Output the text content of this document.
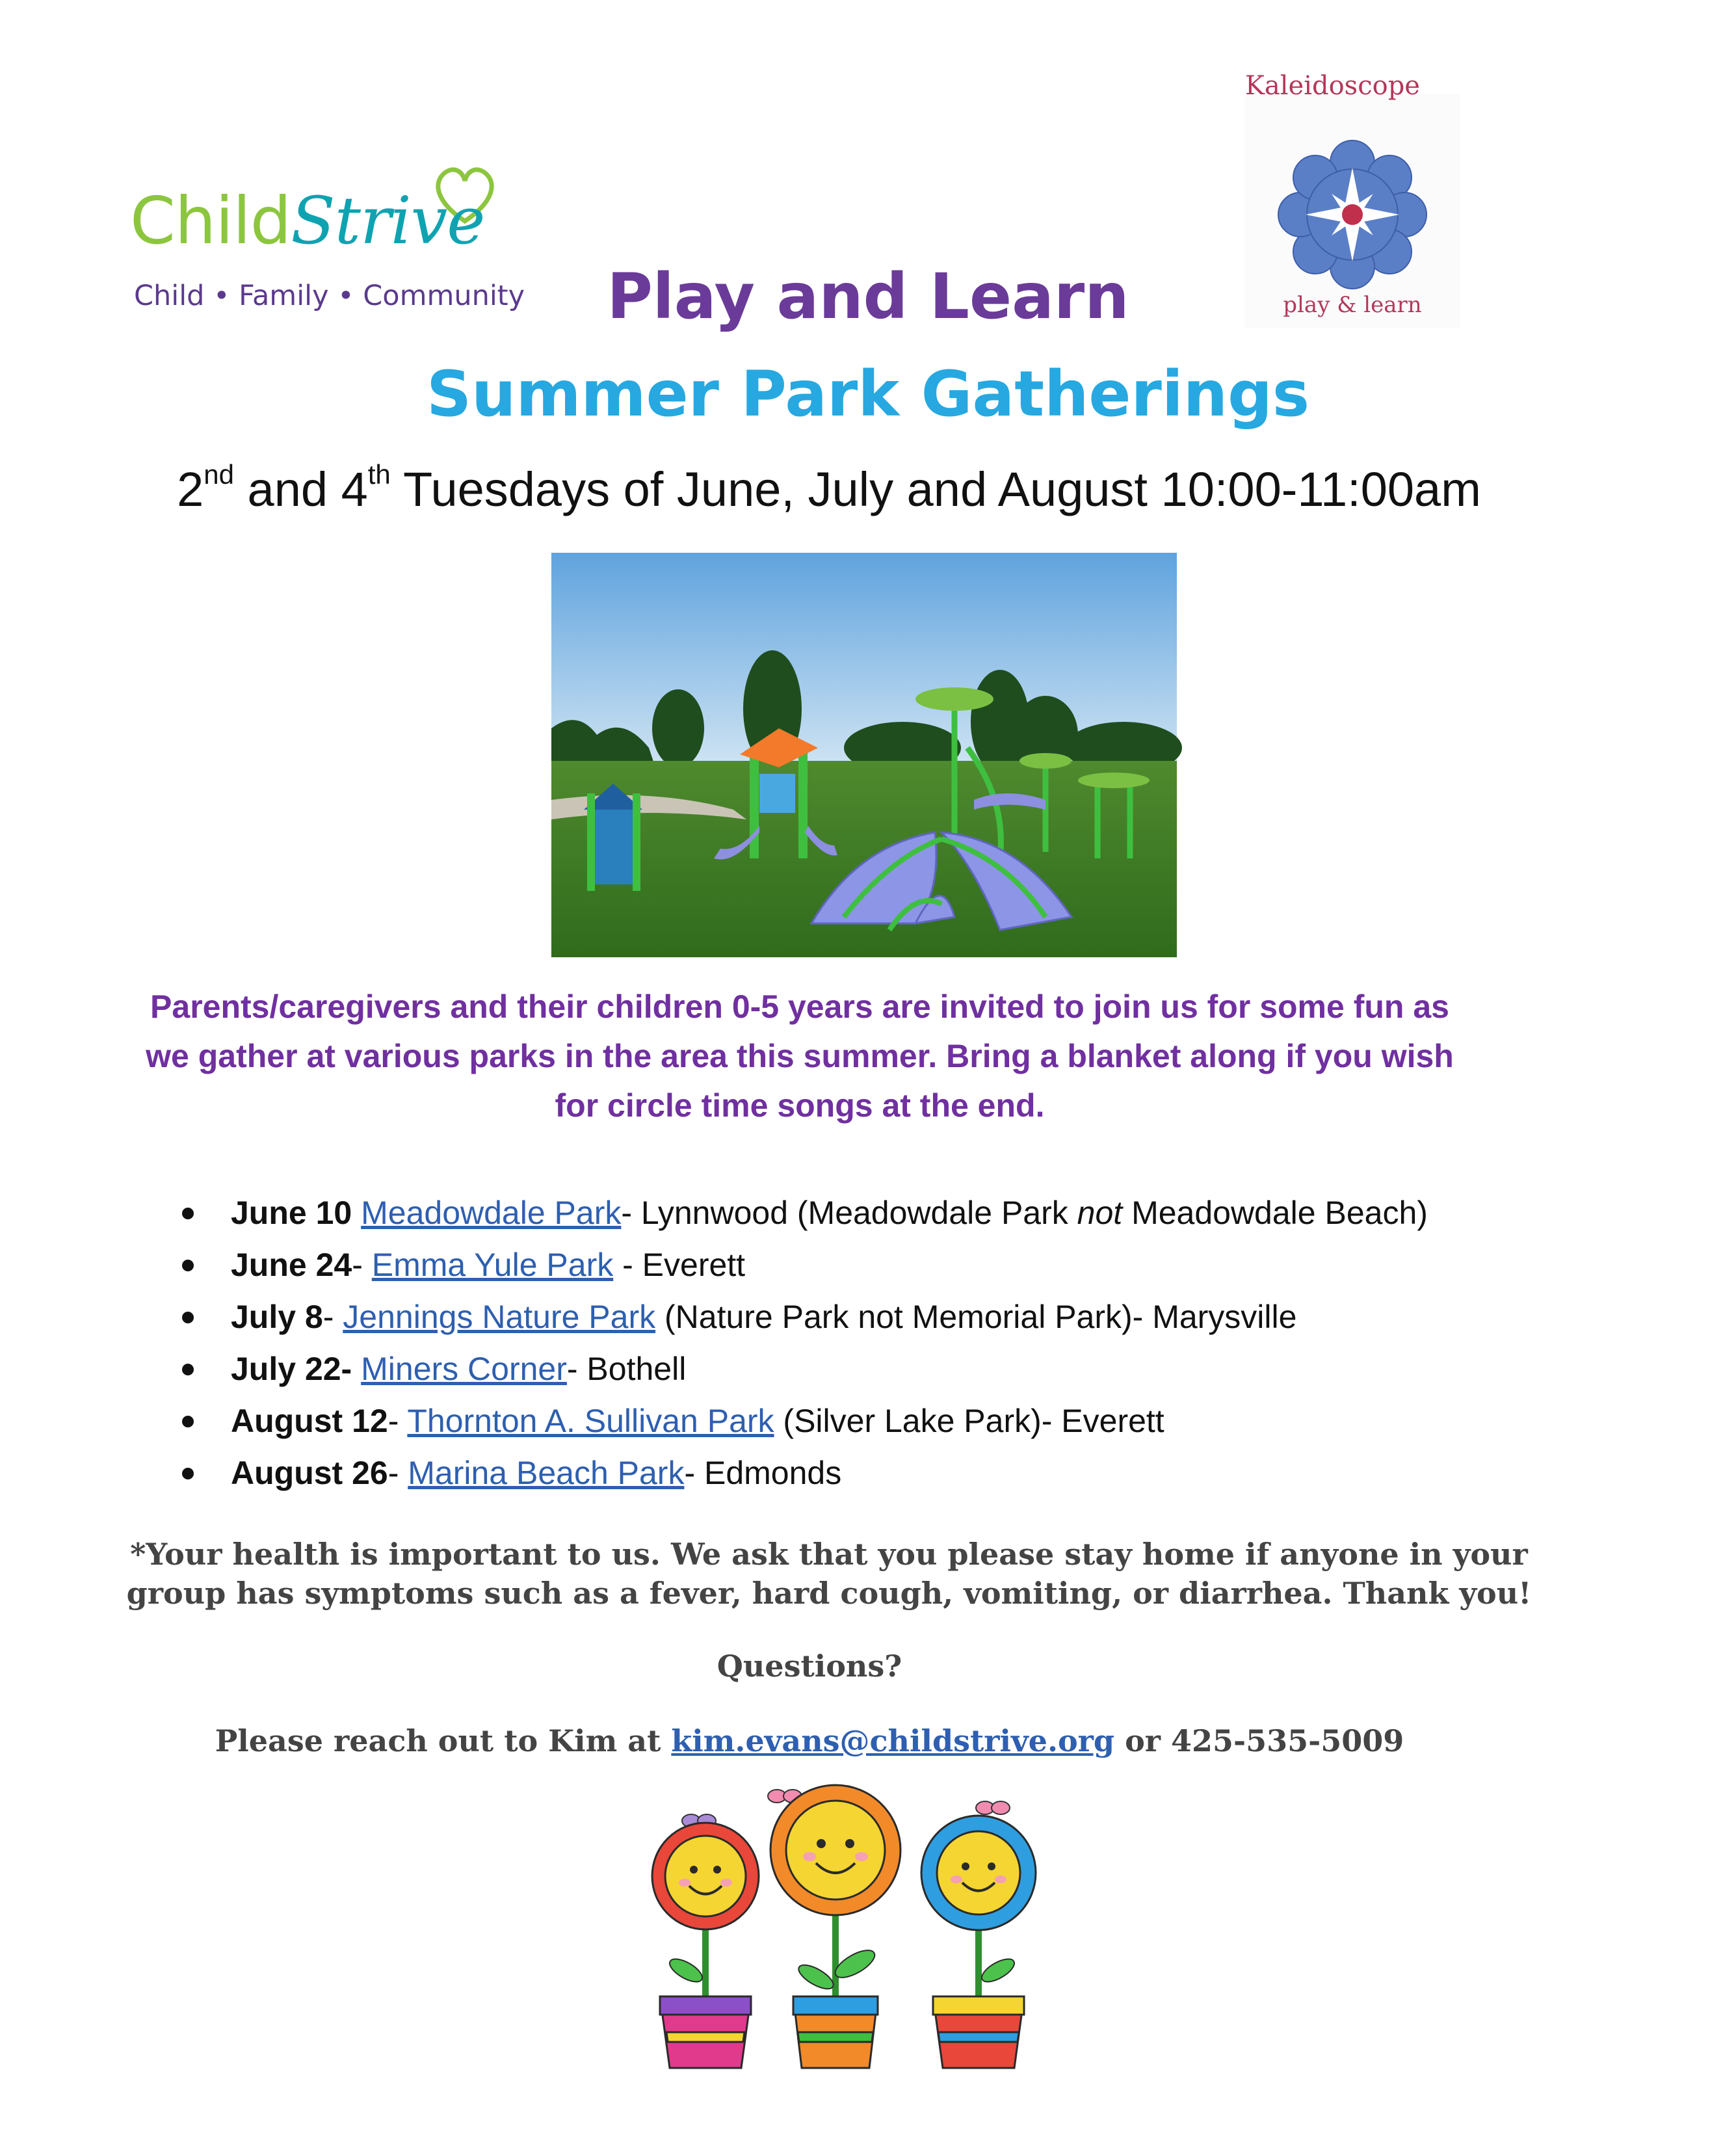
ChildStrive
Child • Family • Community
Kaleidoscope
play & learn
Play and Learn
Summer Park Gatherings
2nd and 4th Tuesdays of June, July and August 10:00-11:00am
Parents/caregivers and their children 0-5 years are invited to join us for some fun as we gather at various parks in the area this summer. Bring a blanket along if you wish for circle time songs at the end.
June 10 Meadowdale Park- Lynnwood (Meadowdale Park not Meadowdale Beach)
June 24- Emma Yule Park - Everett
July 8- Jennings Nature Park (Nature Park not Memorial Park)- Marysville
July 22- Miners Corner- Bothell
August 12- Thornton A. Sullivan Park (Silver Lake Park)- Everett
August 26- Marina Beach Park- Edmonds
*Your health is important to us. We ask that you please stay home if anyone in your group has symptoms such as a fever, hard cough, vomiting, or diarrhea. Thank you!
Questions?
Please reach out to Kim at kim.evans@childstrive.org or 425-535-5009
